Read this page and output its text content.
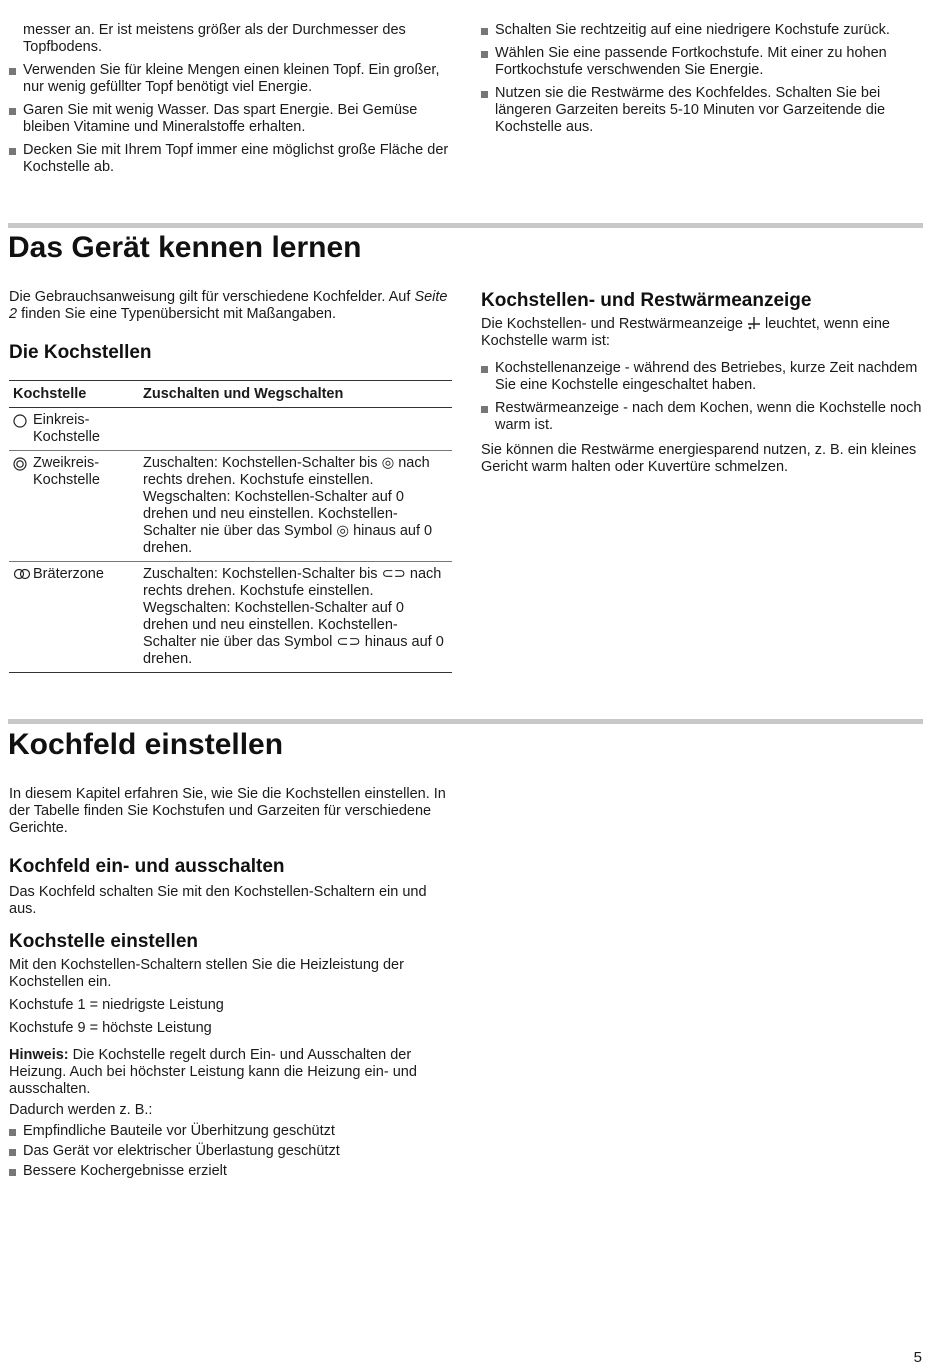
messer an. Er ist meistens größer als der Durchmesser des Topfbodens.

Verwenden Sie für kleine Mengen einen kleinen Topf. Ein großer, nur wenig gefüllter Topf benötigt viel Energie.
Garen Sie mit wenig Wasser. Das spart Energie. Bei Gemüse bleiben Vitamine und Mineralstoffe erhalten.
Decken Sie mit Ihrem Topf immer eine möglichst große Fläche der Kochstelle ab.
Schalten Sie rechtzeitig auf eine niedrigere Kochstufe zurück.
Wählen Sie eine passende Fortkochstufe. Mit einer zu hohen Fortkochstufe verschwenden Sie Energie.
Nutzen sie die Restwärme des Kochfeldes. Schalten Sie bei längeren Garzeiten bereits 5-10 Minuten vor Garzeitende die Kochstelle aus.
Das Gerät kennen lernen

Die Gebrauchsanweisung gilt für verschiedene Kochfelder. Auf Seite 2 finden Sie eine Typenübersicht mit Maßangaben.

Die Kochstellen
Kochstelle	Zuschalten und Wegschalten

Einkreis-Kochstelle	

Zweikreis-Kochstelle	Zuschalten: Kochstellen-Schalter bis ◎ nach rechts drehen. Kochstufe einstellen. Wegschalten: Kochstellen-Schalter auf 0 drehen und neu einstellen. Kochstellen-Schalter nie über das Symbol ◎ hinaus auf 0 drehen.

Bräterzone	Zuschalten: Kochstellen-Schalter bis ⊂⊃ nach rechts drehen. Kochstufe einstellen. Wegschalten: Kochstellen-Schalter auf 0 drehen und neu einstellen. Kochstellen-Schalter nie über das Symbol ⊂⊃ hinaus auf 0 drehen.
Kochstellen- und Restwärmeanzeige

Die Kochstellen- und Restwärmeanzeige  leuchtet, wenn eine Kochstelle warm ist:

Kochstellenanzeige - während des Betriebes, kurze Zeit nachdem Sie eine Kochstelle eingeschaltet haben.
Restwärmeanzeige - nach dem Kochen, wenn die Kochstelle noch warm ist.

Sie können die Restwärme energiesparend nutzen, z. B. ein kleines Gericht warm halten oder Kuvertüre schmelzen.

Kochfeld einstellen

In diesem Kapitel erfahren Sie, wie Sie die Kochstellen einstellen. In der Tabelle finden Sie Kochstufen und Garzeiten für verschiedene Gerichte.

Kochfeld ein- und ausschalten

Das Kochfeld schalten Sie mit den Kochstellen-Schaltern ein und aus.

Kochstelle einstellen

Mit den Kochstellen-Schaltern stellen Sie die Heizleistung der Kochstellen ein.

Kochstufe 1 = niedrigste Leistung

Kochstufe 9 = höchste Leistung

Hinweis: Die Kochstelle regelt durch Ein- und Ausschalten der Heizung. Auch bei höchster Leistung kann die Heizung ein- und ausschalten.

Dadurch werden z. B.:

Empfindliche Bauteile vor Überhitzung geschützt
Das Gerät vor elektrischer Überlastung geschützt
Bessere Kochergebnisse erzielt
5
